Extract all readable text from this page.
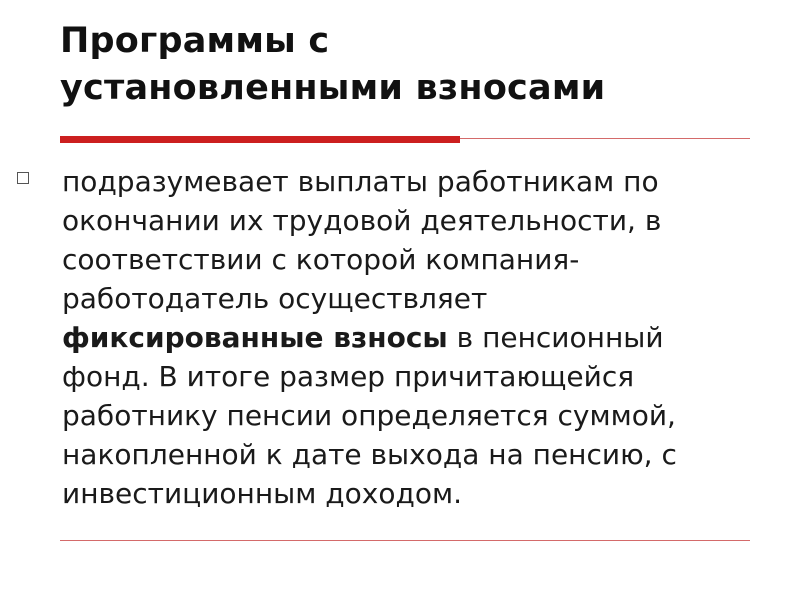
Программы с
установленными взносами
подразумевает выплаты работникам по окончании их трудовой деятельности, в соответствии с которой компания-работодатель осуществляет фиксированные взносы в пенсионный фонд. В итоге размер причитающейся работнику пенсии определяется суммой, накопленной к дате выхода на пенсию, с инвестиционным доходом.
